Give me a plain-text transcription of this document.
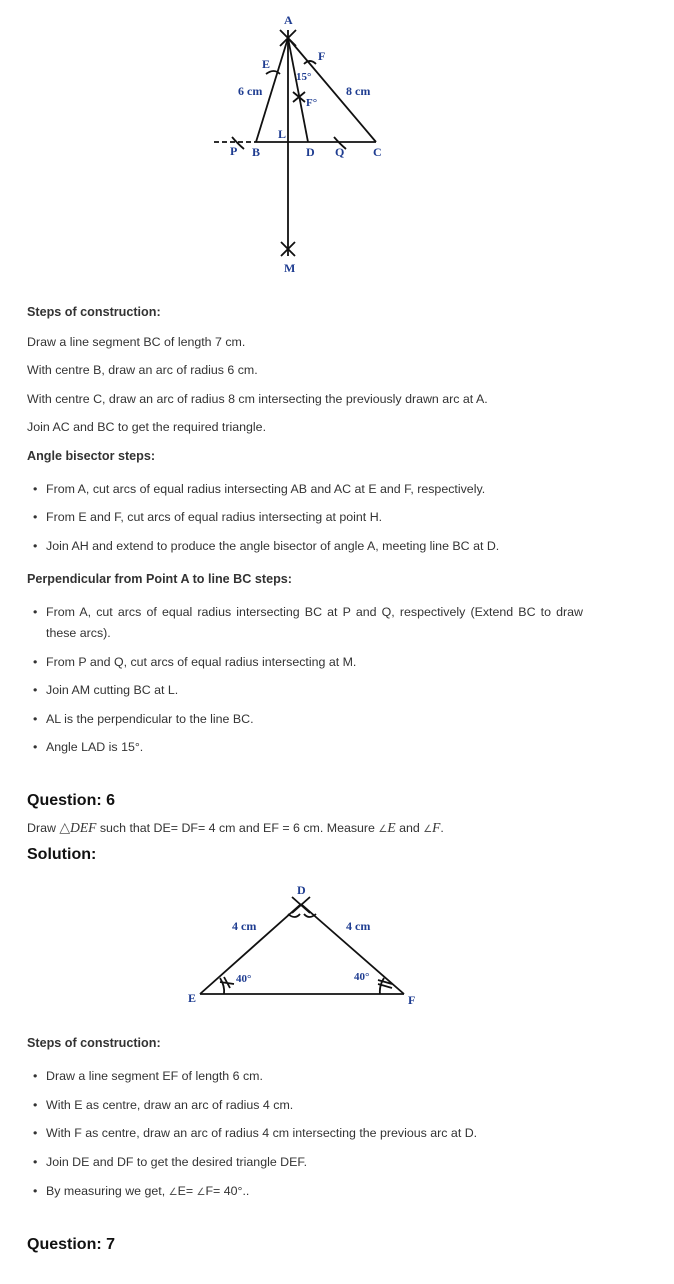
A
E
F
6 cm	8 cm
15°
F°
L
P B	D Q C
M
Steps of construction:
Draw a line segment BC of length 7 cm.
With centre B, draw an arc of radius 6 cm.
With centre C, draw an arc of radius 8 cm intersecting the previously drawn arc at A.
Join AC and BC to get the required triangle.
Angle bisector steps:
• From A, cut arcs of equal radius intersecting AB and AC at E and F, respectively.
• From E and F, cut arcs of equal radius intersecting at point H.
• Join AH and extend to produce the angle bisector of angle A, meeting line BC at D.
Perpendicular from Point A to line BC steps:
• From A, cut arcs of equal radius intersecting BC at P and Q, respectively (Extend BC to draw these arcs).
• From P and Q, cut arcs of equal radius intersecting at M.
• Join AM cutting BC at L.
• AL is the perpendicular to the line BC.
• Angle LAD is 15°.
Question: 6
Draw △DEF such that DE= DF= 4 cm and EF = 6 cm. Measure ∠E and ∠F.
Solution:
D
4 cm	4 cm
40°	40°
E	F
Steps of construction:
• Draw a line segment EF of length 6 cm.
• With E as centre, draw an arc of radius 4 cm.
• With F as centre, draw an arc of radius 4 cm intersecting the previous arc at D.
• Join DE and DF to get the desired triangle DEF.
• By measuring we get, ∠E= ∠F= 40°..
Question: 7
